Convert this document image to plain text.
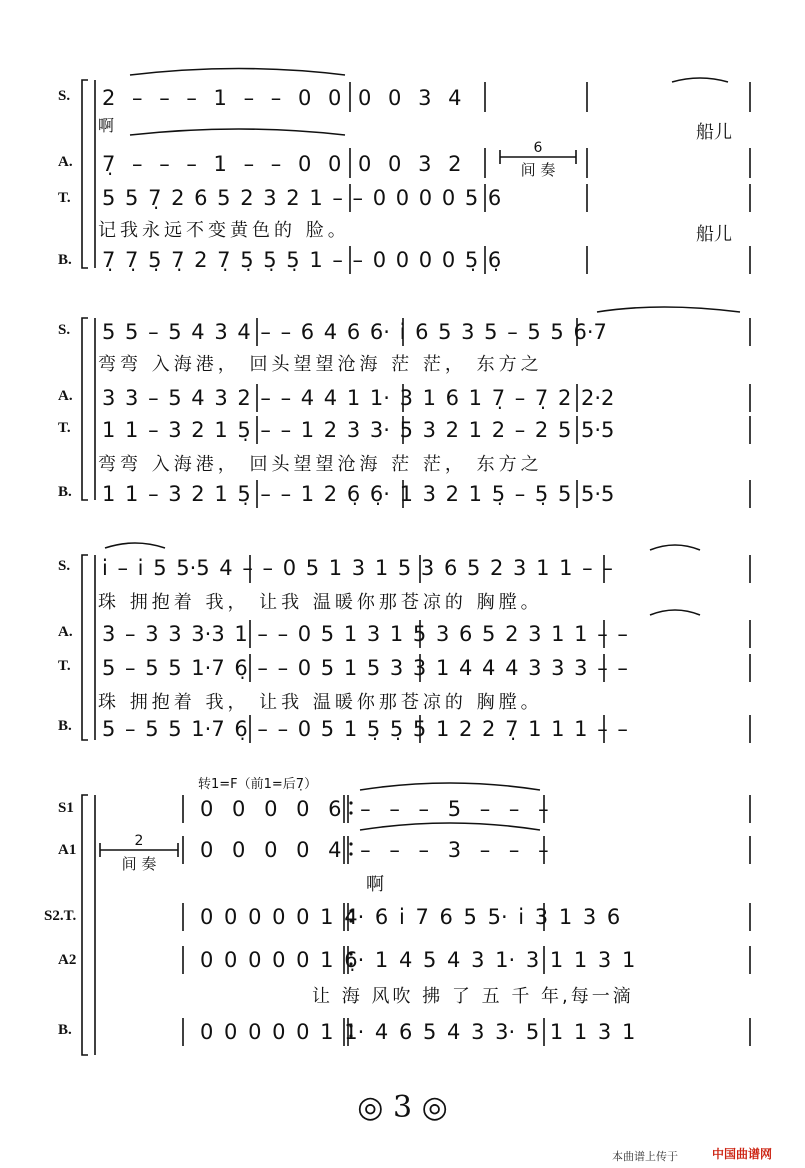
S.
A.
T.
B.
S.
A.
T.
B.
S.
A.
T.
B.
S1
A1
S2.T.
A2
B.
6
间 奏
2
间 奏
转1=F（前1=后7̣）
2 – – – 1 – – 0 0 0 0 3 4
啊	船儿
7̣ – – – 1 – – 0 0 0 0 3 2
5 5 7̣ 2 6 5 2 3 2 1 – – 0 0 0 0 5 6
记我永远不变黄色的 脸。	船儿
7̣ 7̣ 5̣ 7̣ 2 7̣ 5̣ 5̣ 5̣ 1 – – 0 0 0 0 5̣ 6̣
5 5 – 5 4 3 4 – – 6 4 6 6· i 6 5 3 5 – 5 5 6·7
弯弯 入海港， 回头望望沧海 茫 茫， 东方之
3 3 – 5 4 3 2 – – 4 4 1 1· 3 1 6 1 7̣ – 7̣ 2 2·2
1 1 – 3 2 1 5̣ – – 1 2 3 3· 5 3 2 1 2 – 2 5 5·5
弯弯 入海港， 回头望望沧海 茫 茫， 东方之
1 1 – 3 2 1 5̣ – – 1 2 6̣ 6̣· 1 3 2 1 5̣ – 5̣ 5 5·5
i – i 5 5·5 4 – – 0 5 1 3 1 5 3 6 5 2 3 1 1 – –
珠 拥抱着 我， 让我 温暖你那苍凉的 胸膛。
3 – 3 3 3·3 1 – – 0 5 1 3 1 5 3 6 5 2 3 1 1 – –
5 – 5 5 1·7 6̣ – – 0 5 1 5 3 3 1 4 4 4 3 3 3 – –
珠 拥抱着 我， 让我 温暖你那苍凉的 胸膛。
5 – 5 5 1·7 6̣ – – 0 5 1 5̣ 5̣ 5 1 2 2 7̣ 1 1 1 – –
0 0 0 0 6 – – – 5 – – –
0 0 0 0 4 – – – 3 – – –
啊
0 0 0 0 0 1 4· 6 i 7 6 5 5· i 3 1 3 6
0 0 0 0 0 1 6̣· 1 4 5 4 3 1· 3 1 1 3 1
让 海 风吹 拂 了 五 千 年,每一滴
0 0 0 0 0 1 1· 4 6 5 4 3 3· 5 1 1 3 1
◎ 3 ◎
本曲谱上传于	中国曲谱网
